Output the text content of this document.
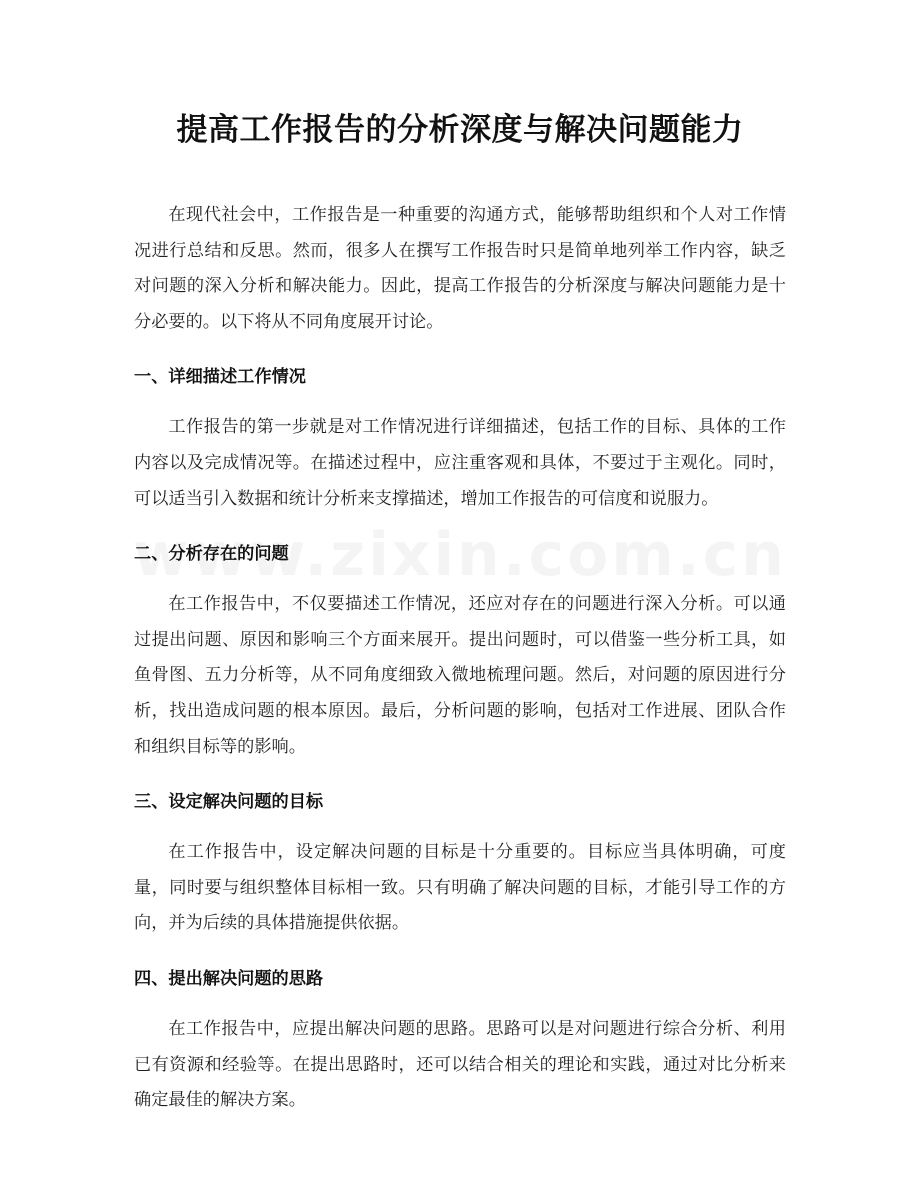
提高工作报告的分析深度与解决问题能力

在现代社会中，工作报告是一种重要的沟通方式，能够帮助组织和个人对工作情况进行总结和反思。然而，很多人在撰写工作报告时只是简单地列举工作内容，缺乏对问题的深入分析和解决能力。因此，提高工作报告的分析深度与解决问题能力是十分必要的。以下将从不同角度展开讨论。

一、详细描述工作情况

工作报告的第一步就是对工作情况进行详细描述，包括工作的目标、具体的工作内容以及完成情况等。在描述过程中，应注重客观和具体，不要过于主观化。同时，可以适当引入数据和统计分析来支撑描述，增加工作报告的可信度和说服力。

二、分析存在的问题

在工作报告中，不仅要描述工作情况，还应对存在的问题进行深入分析。可以通过提出问题、原因和影响三个方面来展开。提出问题时，可以借鉴一些分析工具，如鱼骨图、五力分析等，从不同角度细致入微地梳理问题。然后，对问题的原因进行分析，找出造成问题的根本原因。最后，分析问题的影响，包括对工作进展、团队合作和组织目标等的影响。

三、设定解决问题的目标

在工作报告中，设定解决问题的目标是十分重要的。目标应当具体明确，可度量，同时要与组织整体目标相一致。只有明确了解决问题的目标，才能引导工作的方向，并为后续的具体措施提供依据。

四、提出解决问题的思路

在工作报告中，应提出解决问题的思路。思路可以是对问题进行综合分析、利用已有资源和经验等。在提出思路时，还可以结合相关的理论和实践，通过对比分析来确定最佳的解决方案。
